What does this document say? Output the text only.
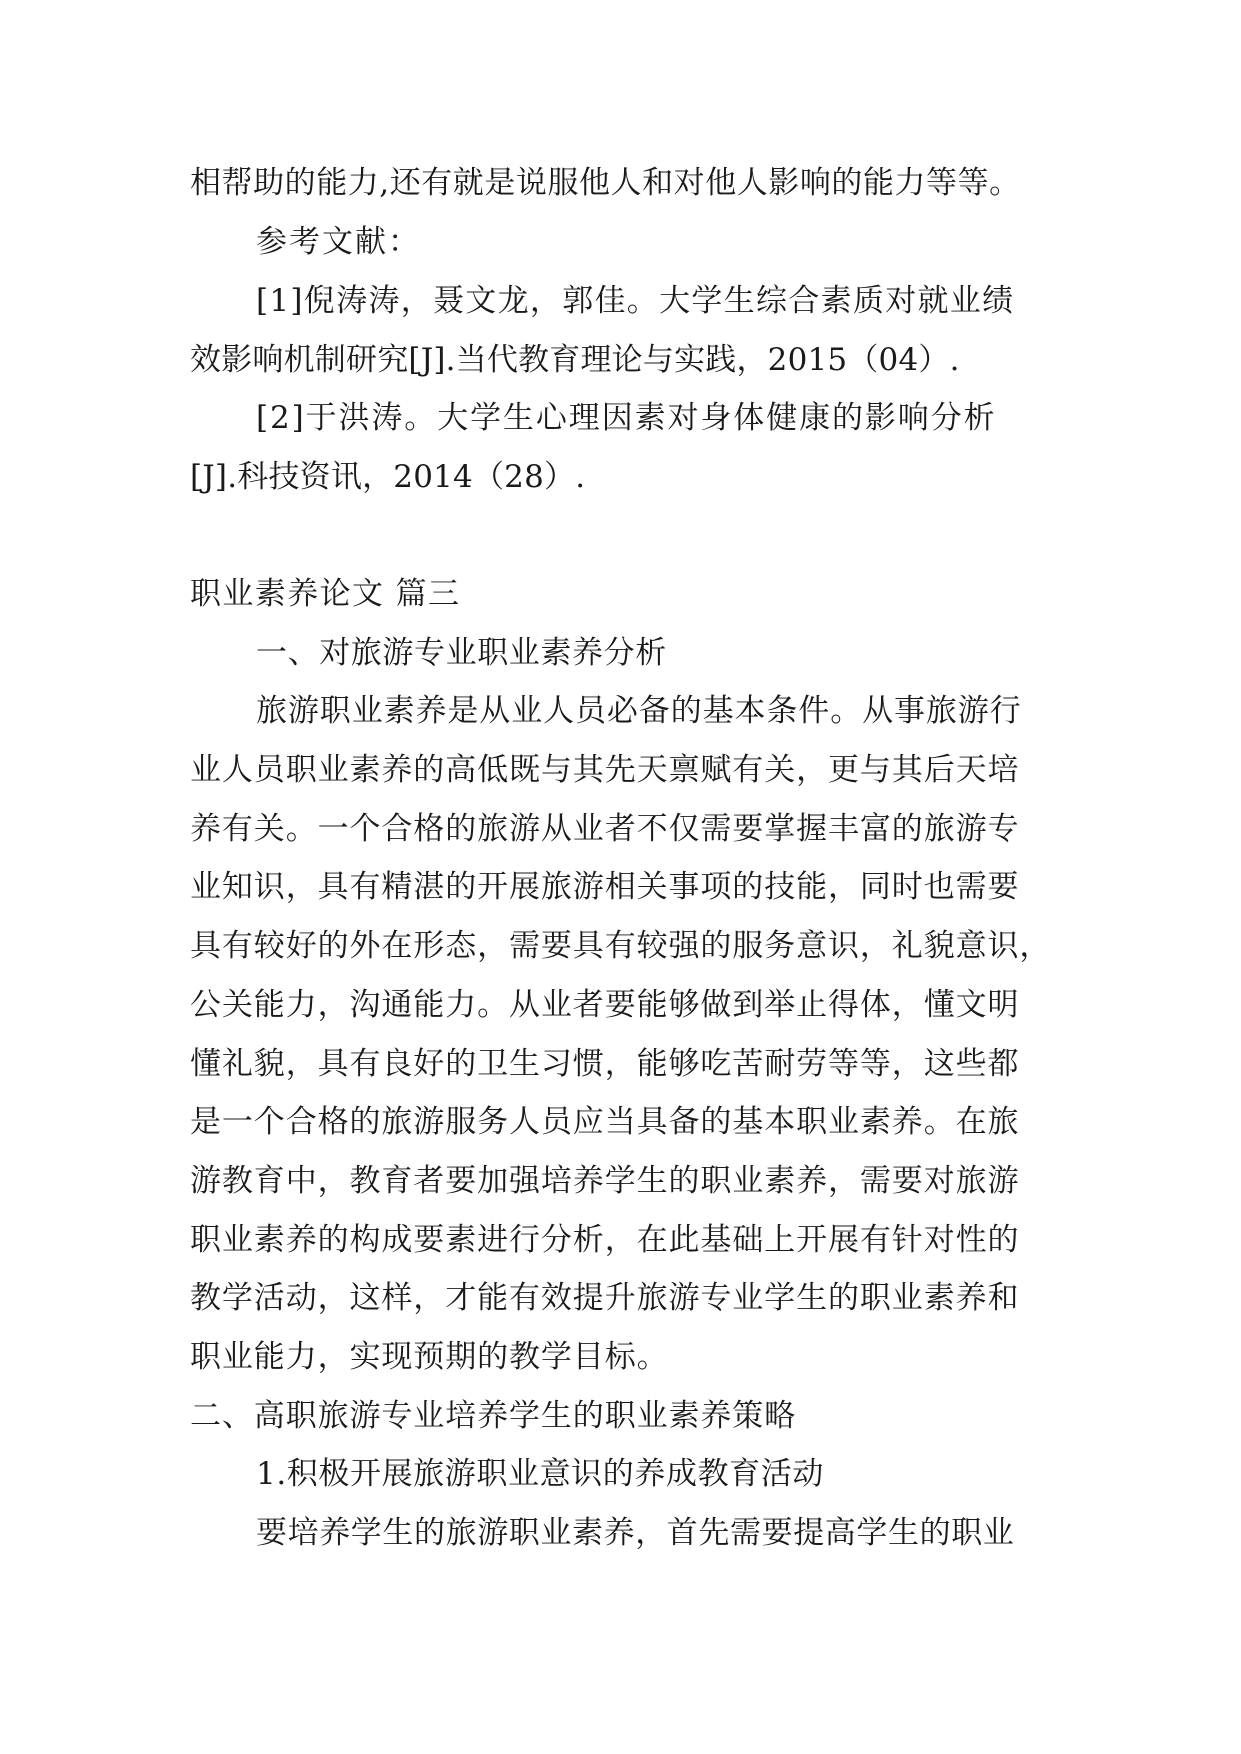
相帮助的能力,还有就是说服他人和对他人影响的能力等等。
参考文献：
[1]倪涛涛，聂文龙，郭佳。大学生综合素质对就业绩
效影响机制研究[J].当代教育理论与实践，2015（04）.
[2]于洪涛。大学生心理因素对身体健康的影响分析
[J].科技资讯，2014（28）.
职业素养论文 篇三
一、对旅游专业职业素养分析
旅游职业素养是从业人员必备的基本条件。从事旅游行
业人员职业素养的高低既与其先天禀赋有关，更与其后天培
养有关。一个合格的旅游从业者不仅需要掌握丰富的旅游专
业知识，具有精湛的开展旅游相关事项的技能，同时也需要
具有较好的外在形态，需要具有较强的服务意识，礼貌意识，
公关能力，沟通能力。从业者要能够做到举止得体，懂文明
懂礼貌，具有良好的卫生习惯，能够吃苦耐劳等等，这些都
是一个合格的旅游服务人员应当具备的基本职业素养。在旅
游教育中，教育者要加强培养学生的职业素养，需要对旅游
职业素养的构成要素进行分析，在此基础上开展有针对性的
教学活动，这样，才能有效提升旅游专业学生的职业素养和
职业能力，实现预期的教学目标。
二、高职旅游专业培养学生的职业素养策略
1.积极开展旅游职业意识的养成教育活动
要培养学生的旅游职业素养，首先需要提高学生的职业
